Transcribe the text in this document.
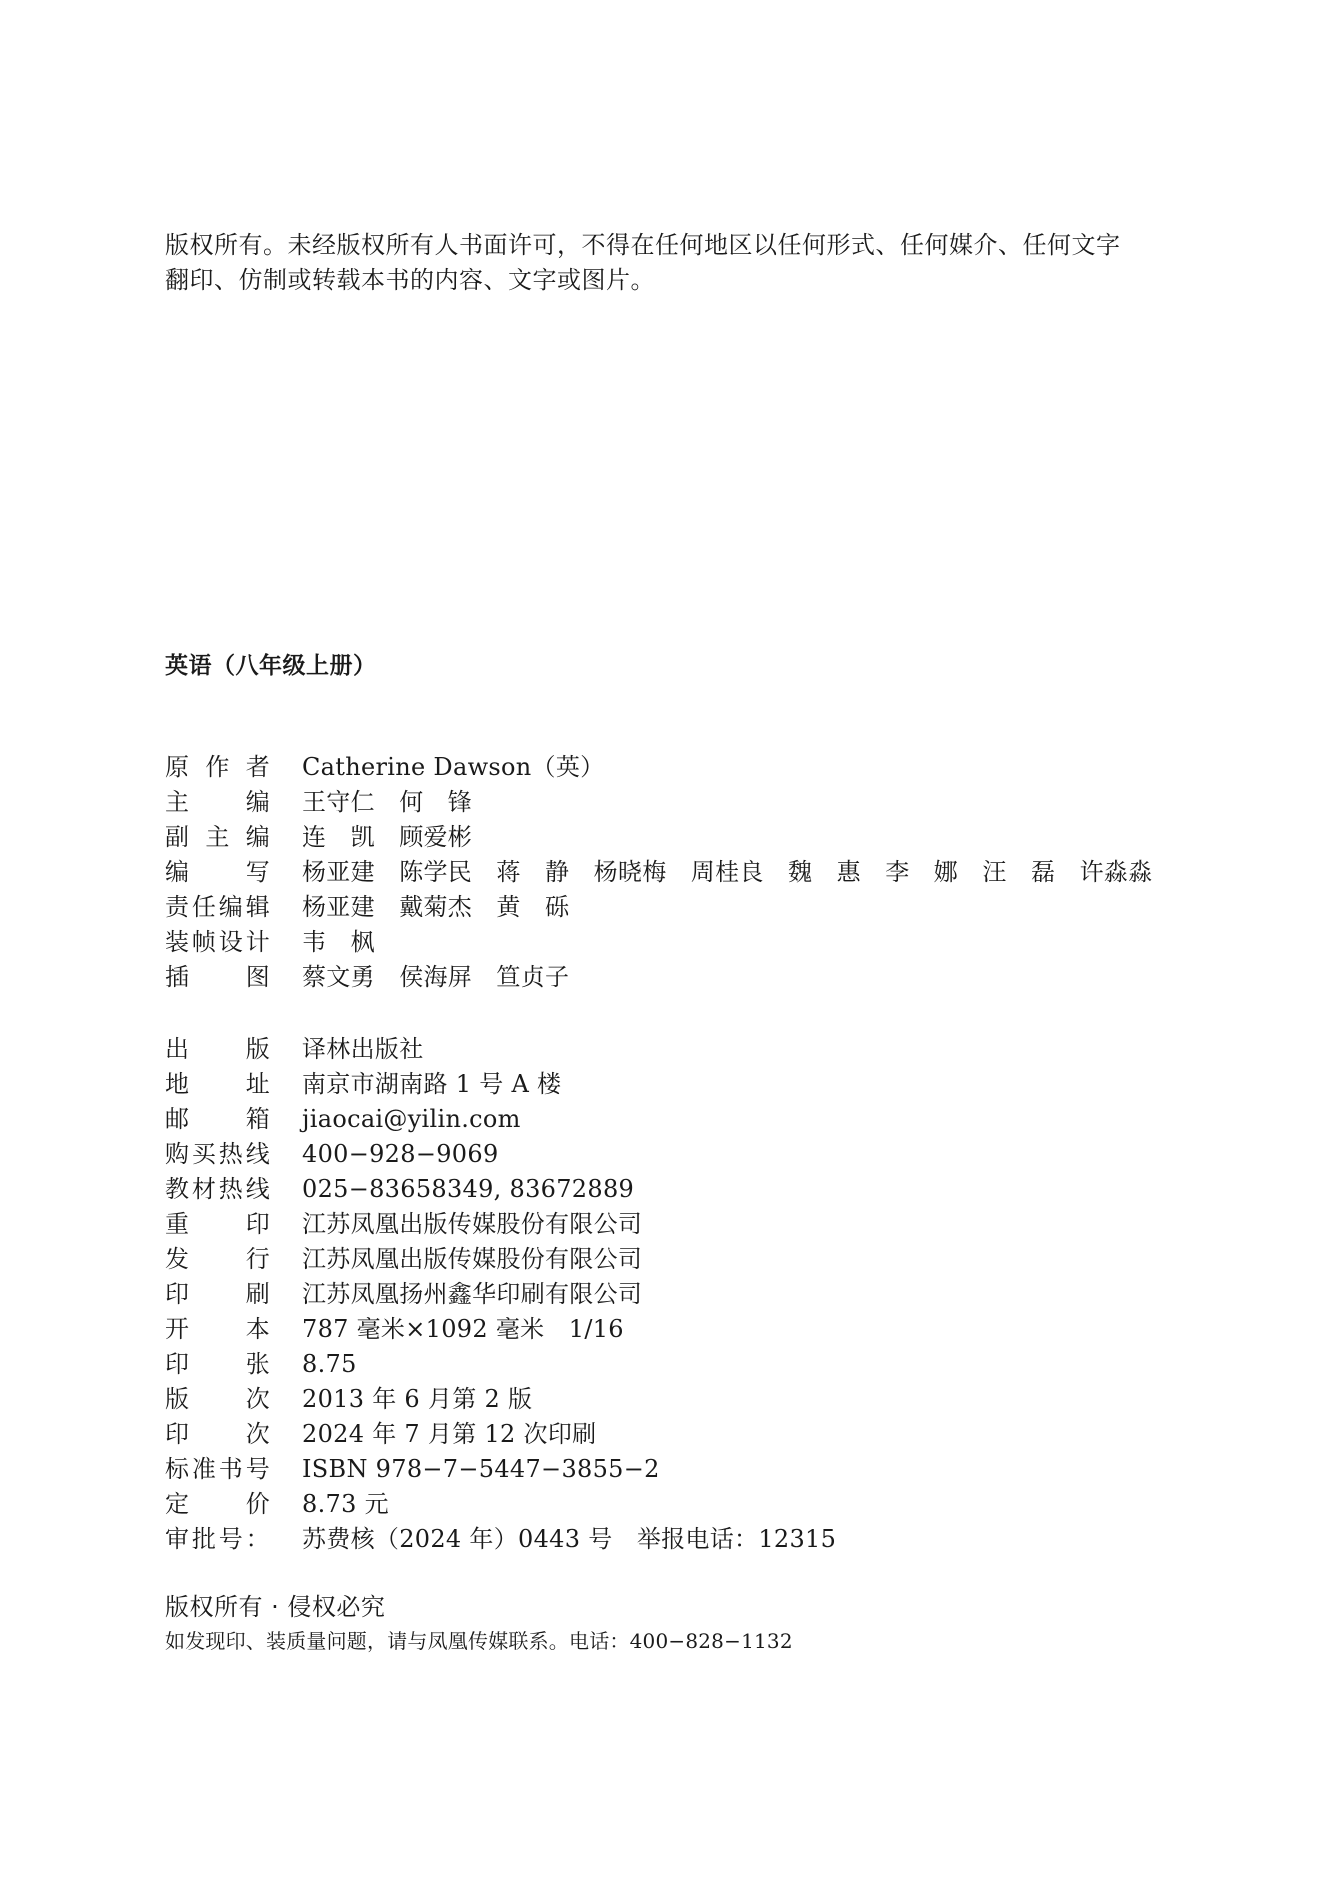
版权所有。未经版权所有人书面许可，不得在任何地区以任何形式、任何媒介、任何文字

翻印、仿制或转载本书的内容、文字或图片。

英语（八年级上册）
原 作 者 Catherine Dawson（英）
主 编 王守仁　何　锋
副 主 编 连　凯　顾爱彬
编 写 杨亚建　陈学民　蒋　静　杨晓梅　周桂良　魏　惠　李　娜　汪　磊　许淼淼
责任编辑 杨亚建　戴菊杰　黄　砾
装帧设计 韦　枫
插 图 蔡文勇　侯海屏　笪贞子
出 版 译林出版社
地 址 南京市湖南路 1 号 A 楼
邮 箱 jiaocai@yilin.com
购买热线 400−928−9069
教材热线 025−83658349, 83672889
重 印 江苏凤凰出版传媒股份有限公司
发 行 江苏凤凰出版传媒股份有限公司
印 刷 江苏凤凰扬州鑫华印刷有限公司
开 本 787 毫米×1092 毫米　1/16
印 张 8.75
版 次 2013 年 6 月第 2 版
印 次 2024 年 7 月第 12 次印刷
标准书号 ISBN 978−7−5447−3855−2
定 价 8.73 元
审 批 号 ： 苏费核（2024 年）0443 号　举报电话：12315
版权所有 · 侵权必究
如发现印、装质量问题，请与凤凰传媒联系。电话：400−828−1132
